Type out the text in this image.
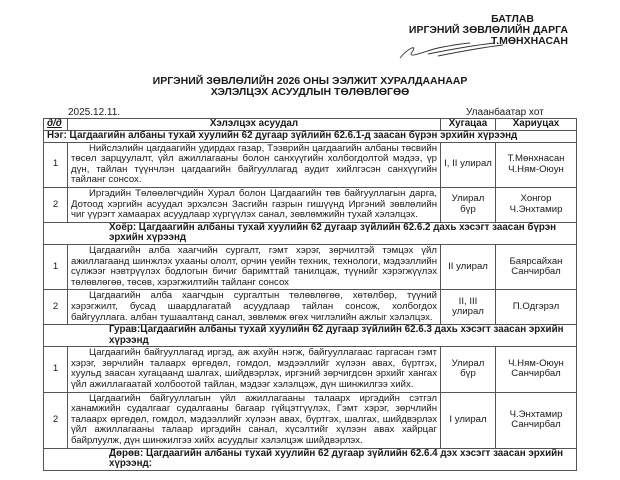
БАТЛАВ
ИРГЭНИЙ ЗӨВЛӨЛИЙН ДАРГА
Т.МӨНХНАСАН
ИРГЭНИЙ ЗӨВЛӨЛИЙН 2026 ОНЫ ЭЭЛЖИТ ХУРАЛДААНААР
ХЭЛЭЛЦЭХ АСУУДЛЫН ТӨЛӨВЛӨГӨӨ
2025.12.11.	Улаанбаатар хот
д/д	Хэлэлцэх асуудал	Хугацаа	Хариуцах
Нэг: Цагдаагийн албаны тухай хуулийн 62 дугаар зүйлийн 62.6.1-д заасан бүрэн эрхийн хүрээнд			
1	Нийслэлийн цагдаагийн удирдах газар, Тээврийн цагдаагийн албаны төсвийн төсөл зарцуулалт, үйл ажиллагааны болон санхүүгийн холбогдолтой мэдээ, үр дүн, тайлан түүнчлэн цагдаагийн байгууллагад аудит хийлгэсэн санхүүгийн тайланг сонсох.	I, II улирал	Т.Мөнхнасан Ч.Ням-Оюун
2	Иргэдийн Төлөөлөгчдийн Хурал болон Цагдаагийн төв байгууллагын дарга, Дотоод хэргийн асуудал эрхэлсэн Засгийн газрын гишүүнд Иргэний зөвлөлийн чиг үүрэгт хамаарах асуудлаар хүргүүлэх санал, зөвлөмжийн тухай хэлэлцэх.	Улирал бүр	Хонгор Ч.Энхтамир
Хоёр: Цагдаагийн албаны тухай хуулийн 62 дугаар зүйлийн 62.6.2 дахь хэсэгт заасан бүрэн эрхийн хүрээнд			
1	Цагдаагийн алба хаагчийн сургалт, гэмт хэрэг, зөрчилтэй тэмцэх үйл ажиллагаанд шинжлэх ухааны ололт, орчин үеийн техник, технологи, мэдээллийн сүлжээг нэвтрүүлэх бодлогын бичиг баримттай танилцаж, түүнийг хэрэгжүүлэх төлөвлөгөө, төсөв, хэрэгжилтийн тайланг сонсох	II улирал	Баярсайхан Санчирбал
2	Цагдаагийн алба хаагчдын сургалтын төлөвлөгөө, хөтөлбөр, түүний хэрэгжилт, бусад шаардлагатай асуудлаар тайлан сонсож, холбогдох байгууллага. албан тушаалтанд санал, зөвлөмж өгөх чиглэлийн ажлыг хэлэлцэх.	II, III улирал	П.Одгэрэл
Гурав:Цагдаагийн албаны тухай хуулийн 62 дугаар зүйлийн 62.6.3 дахь хэсэгт заасан эрхийн хүрээнд			
1	Цагдаагийн байгууллагад иргэд, аж ахуйн нэгж, байгууллагаас гаргасан гэмт хэрэг, зөрчлийн талаарх өргөдөл, гомдол, мэдээллийг хүлээн авах, бүртгэх, хуульд заасан хугацаанд шалгах, шийдвэрлэх, иргэний зөрчигдсөн эрхийг хангах үйл ажиллагаатай холбоотой тайлан, мэдээг хэлэлцэж, дүн шинжилгээ хийх.	Улирал бүр	Ч.Ням-Оюун Санчирбал
2	Цагдаагийн байгууллагын үйл ажиллагааны талаарх иргэдийн сэтгэл ханамжийн судалгааг судалгааны багаар гүйцэтгүүлэх, Гэмт хэрэг, зөрчлийн талаарх өргөдөл, гомдол, мэдээллийг хүлээн авах, бүртгэх, шалгах, шийдвэрлэх үйл ажиллагааны талаар иргэдийн санал, хүсэлтийг хүлээн авах хайрцаг байрлуулж, дүн шинжилгээ хийх асуудлыг хэлэлцэж шийдвэрлэх.	I улирал	Ч.Энхтамир Санчирбал
Дөрөв: Цагдаагийн албаны тухай хуулийн 62 дугаар зүйлийн 62.6.4 дэх хэсэгт заасан эрхийн хүрээнд:			
